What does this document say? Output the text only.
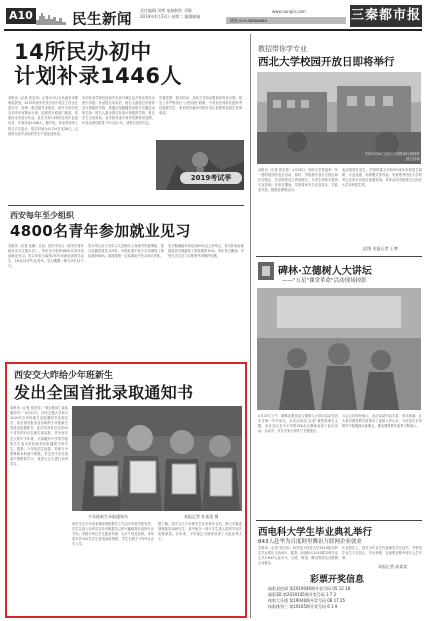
A10	民生新闻
责任编辑 刘梦 电脑制作 刘静
2019年4月23日 星期二 编辑邮箱
www.sanqin.com
热线 029-88888888	三秦都市报
14所民办初中
计划补录1446人
本报讯（记者 张宏伟）记者4月21日从西安市教育局获悉，2019年西安市民办初中招生工作正在进行中，经第一批次摇号录取后，西安市部分民办初中仍有剩余计划，经教育行政部门批准，将面向全市进行补录。此次共有14所民办初中参加补录，计划补录1446人。据介绍，补录采用网上报名方式进行，报名时间为4月24日至26日。已被民办初中录取的学生不得参加补录。
本次补录学校包括西安市部分城区及开发区的民办初中学校。补录报名结束后，报名人数超过学校补录计划数的学校，将通过电脑随机录取方式确定录取名单；报名人数未超过补录计划数的学校，报名学生全部录取。各学校补录计划详见教育局官网。补录录取结果将于5月初公布，请家长及时关注。
学校类型、报名时间、录取方式均以教育局发布为准。招生工作严格执行"公民同招"政策，不得以任何形式组织考试选拔学生。家长如有疑问可拨打各区县教育局招生咨询电话。
2019考试季
西安每年至少组织
4800名青年参加就业见习
本报讯（记者 赵静）日前，西安市出台《西安市青年就业见习实施办法》，每年至少组织4800名青年参加就业见习。见习对象为离校2年内未就业高校毕业生、16至24岁失业青年。见习期限一般为3至12个月。
见习单位应当为见习人员购买人身意外伤害保险，按月足额发放见习补贴，补贴标准不低于本市最低工资标准的60%。政府按照一定标准给予见习单位补贴。
见习期满留用率达到50%以上的单位，见习补贴标准提高到当地最低工资标准的70%。青年见习期间，享受与正式员工同等的劳动保护待遇。
西安交大昨给少年班新生
发出全国首批录取通知书
本报讯（记者 张宏伟）"我们收到了录取通知书！"4月22日，西安交通大学举行2019年少年班新生录取通知书发放仪式，向全国首批来自各地的少年班新生发放录取通知书。此次共有来自全国15个省市的152名新生被录取，其中西安交大附中少年班、天津耀华中学等学校的学生成为首批拿到录取通知书的学生。据悉，少年班招生选拔、培养分为预科和本科两个阶段，学生在中学完成高中课程的学习，再进入交大进行本科学习。
少年班新生录取通知书	本报记者 杜某某 摄
西安交大少年班本科阶段的教学工作由少年班学院负责，学生在进入本科学习后可根据自己的兴趣和特长选择专业方向。学校为每位学生配备导师，实行个性化培养。本年度共有152名学生获得录取资格，学生们将于今年9月正式入学。
据了解，西安交大少年班学生在本科毕业后，绝大多数选择继续攻读研究生，其中相当一部分学生进入国内外知名高校深造。多年来，少年班已为国家培养了大批优秀人才。
教招带你学专业
西北大学校园开放日即将举行
今年4月28日西北大学将举行校园开放日活动
本报讯（记者 张宏伟）4月28日，西北大学将迎来一年一度的校园开放日活动。届时，学校将开放太白校区和长安校区，各学院将设立咨询展台，为考生和家长提供专业咨询。开放日期间，学校将举办专业宣讲会、实验室开放、校园参观等活动。
此次校园开放日，学校将重点介绍2019年本科招生政策、专业设置、培养模式等内容。有意报考西北大学的考生及家长可前往参观咨询。具体活动安排请关注西北大学本科招生网。
文/图 本报记者 王博
碑林·立德树人大讲坛
——"五星"课堂革命"活动现场掠影
4月20日上午，碑林区教育局立德树人大讲坛活动在西安市第一中学举行。本次活动以"五星"课堂革命为主题，来自全区各中小学的200余名教师参加了此次活动。活动中，多位专家分别作了专题报告。
与会人员纷纷表示，此次活动内容丰富、形式新颖，让大家对课堂教学改革有了更深入的认识，今后将在日常教学中积极践行新理念，推动课堂教学改革不断深入。
西电科大学生毕业典礼举行
843人赴华为百度阿里腾讯互联网企业就业
本报讯（记者 张宏伟）西安电子科技大学2019届本科生毕业典礼日前举行。据悉，西电科大2019届本科毕业生共计843人赴华为、百度、阿里、腾讯等知名互联网企业就业。
毕业典礼上，校长为毕业生代表颁发学位证书，并寄语毕业生不忘初心、牢记使命，在新的征程中续写人生华章。
本报记者 高某某
彩票开奖信息
福彩双色球 第2019046期开奖号码 05 12 18
福彩3D 第2019105期开奖号码 3 7 2
体彩大乐透 第19046期开奖号码 08 17 25
体彩排列三 第19105期开奖号码 6 1 9
